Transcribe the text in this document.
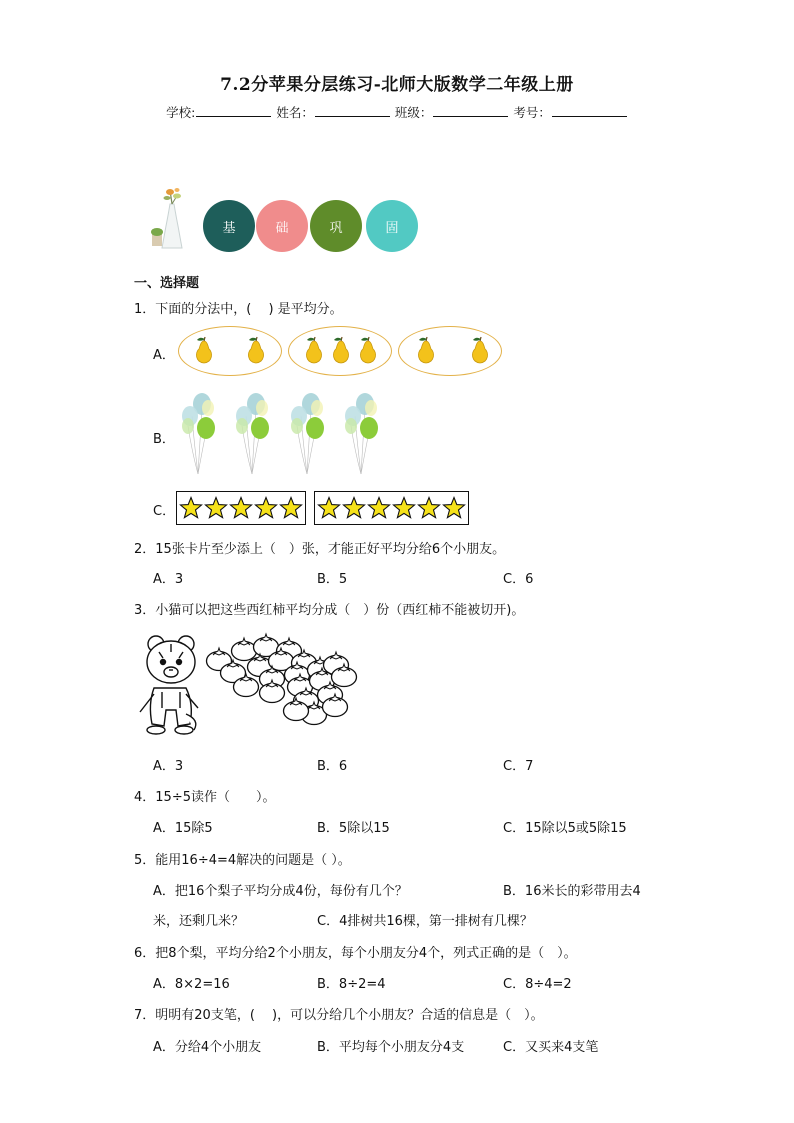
7.2分苹果分层练习-北师大版数学二年级上册
学校:	姓名：	班级：	考号：
基	础	巩	固
一、选择题
1．下面的分法中，(　 ) 是平均分。
A．
B．
C．
2．15张卡片至少添上（　）张，才能正好平均分给6个小朋友。
A．3	B．5	C．6
3．小猫可以把这些西红柿平均分成（　）份（西红柿不能被切开)。
A．3	B．6	C．7
4．15÷5读作（　　）。
A．15除5	B．5除以15	C．15除以5或5除15
5．能用16÷4=4解决的问题是（ ）。
A．把16个梨子平均分成4份，每份有几个？	B．16米长的彩带用去4
米，还剩几米？	C．4排树共16棵，第一排树有几棵？
6．把8个梨，平均分给2个小朋友，每个小朋友分4个，列式正确的是（　）。
A．8×2=16	B．8÷2=4	C．8÷4=2
7．明明有20支笔，(　 )，可以分给几个小朋友？合适的信息是（　）。
A．分给4个小朋友	B．平均每个小朋友分4支	C．又买来4支笔
